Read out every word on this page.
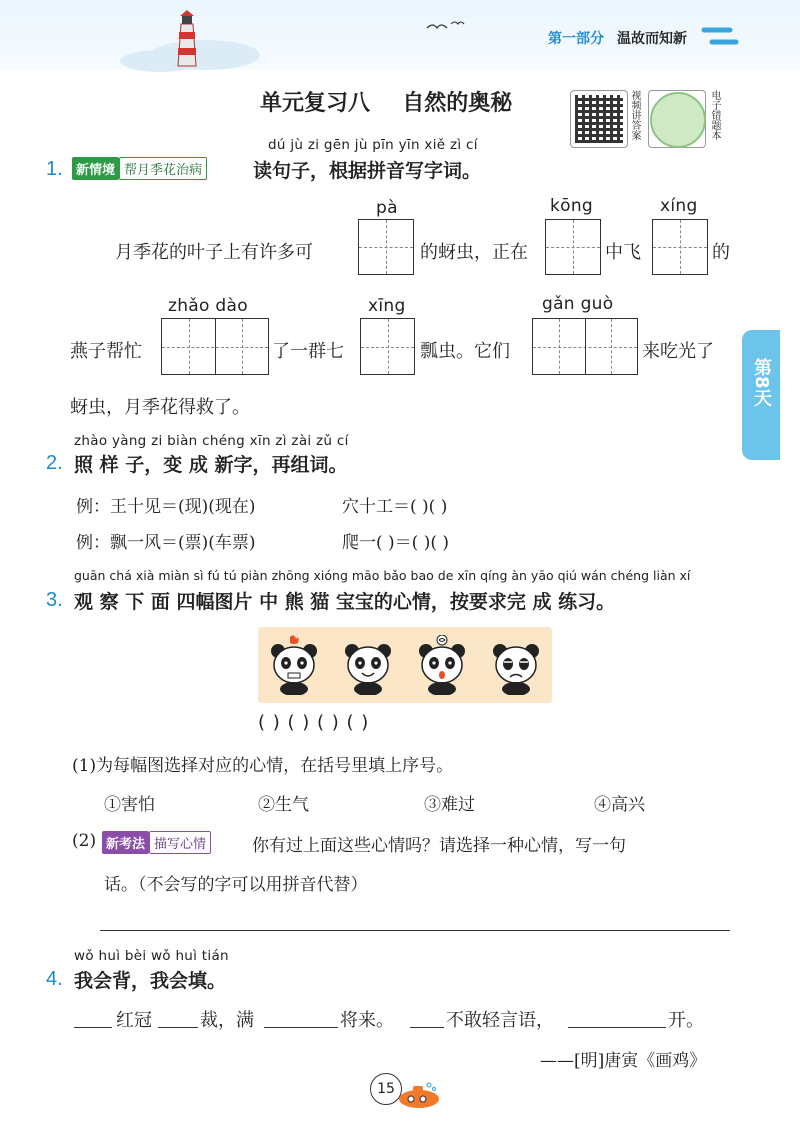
第一部分 温故而知新
单元复习八 自然的奥秘	视频讲答案	电子错题本
第8天
dú jù zi gēn jù pīn yīn xiě zì cí
1.	新情境 帮月季花治病	读句子，根据拼音写字词。
pà	kōng	xíng
月季花的叶子上有许多可	的蚜虫，正在	中飞	的
zhǎo dào	xīng	gǎn guò
燕子帮忙	了一群七	瓢虫。它们	来吃光了
蚜虫，月季花得救了。
zhào yàng zi biàn chéng xīn zì zài zǔ cí
2. 照 样 子，变 成 新字，再组词。
例：王十见＝(现)(现在)	穴十工＝( )( )
例：飘一风＝(票)(车票)	爬一( )＝( )( )
guān chá xià miàn sì fú tú piàn zhōng xióng māo bǎo bao de xīn qíng àn yāo qiú wán chéng liàn xí
3. 观 察 下 面 四幅图片 中 熊 猫 宝宝的心情，按要求完 成 练习。
( ) ( ) ( ) ( )
(1)为每幅图选择对应的心情，在括号里填上序号。
①害怕	②生气	③难过	④高兴
(2) 新考法 描写心情	你有过上面这些心情吗？请选择一种心情，写一句
话。（不会写的字可以用拼音代替）
wǒ huì bèi wǒ huì tián
4. 我会背，我会填。
红冠	裁，满	将来。	不敢轻言语，	开。
——[明]唐寅《画鸡》
15
